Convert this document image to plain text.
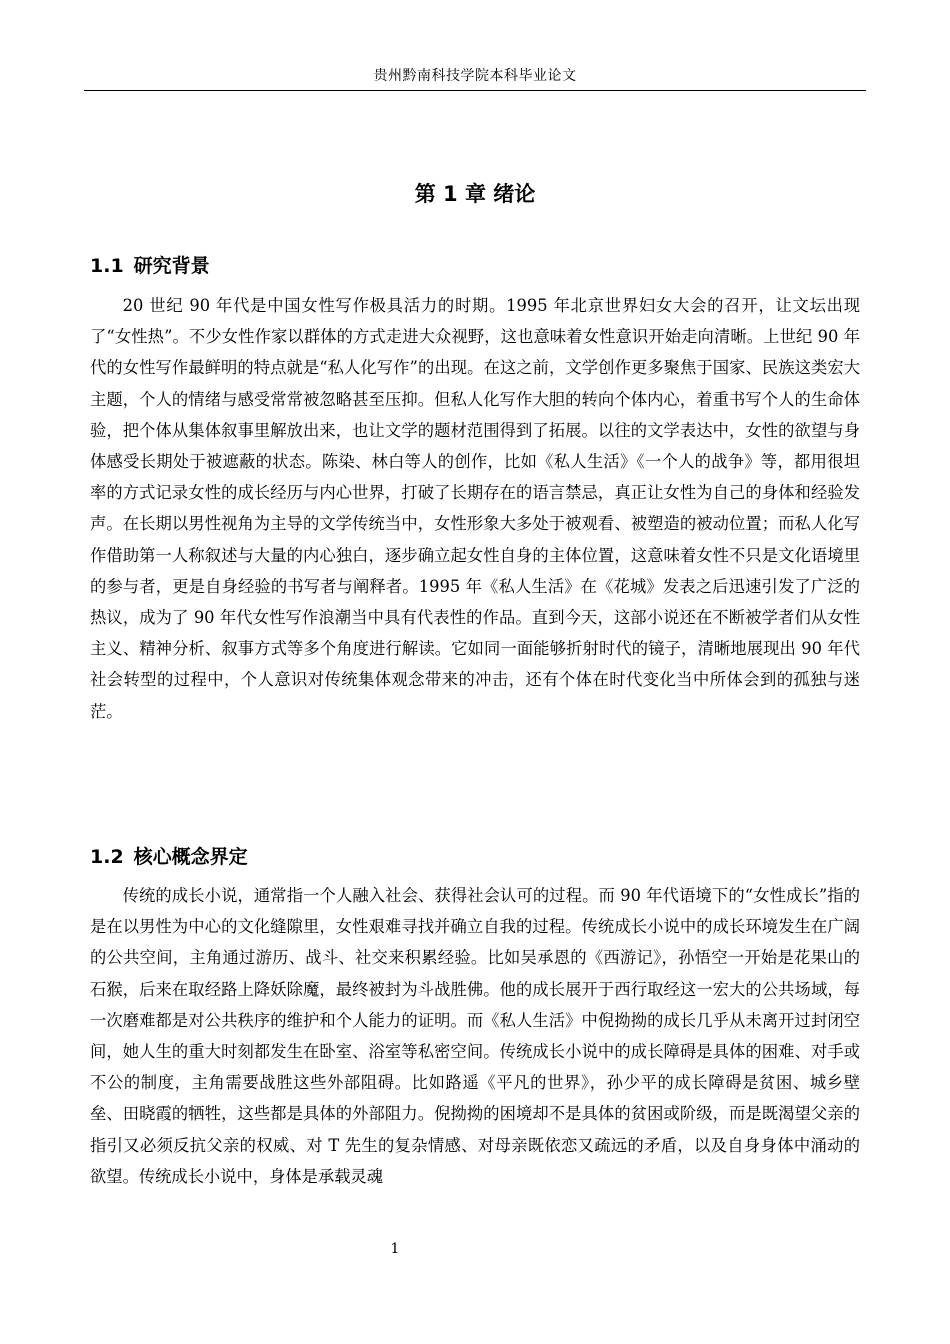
贵州黔南科技学院本科毕业论文
第 1 章 绪论
1.1 研究背景

20 世纪 90 年代是中国女性写作极具活力的时期。1995 年北京世界妇女大会的召开，让文坛出现了“女性热”。不少女性作家以群体的方式走进大众视野，这也意味着女性意识开始走向清晰。上世纪 90 年代的女性写作最鲜明的特点就是“私人化写作”的出现。在这之前，文学创作更多聚焦于国家、民族这类宏大主题，个人的情绪与感受常常被忽略甚至压抑。但私人化写作大胆的转向个体内心，着重书写个人的生命体验，把个体从集体叙事里解放出来，也让文学的题材范围得到了拓展。以往的文学表达中，女性的欲望与身体感受长期处于被遮蔽的状态。陈染、林白等人的创作，比如《私人生活》《一个人的战争》等，都用很坦率的方式记录女性的成长经历与内心世界，打破了长期存在的语言禁忌，真正让女性为自己的身体和经验发声。在长期以男性视角为主导的文学传统当中，女性形象大多处于被观看、被塑造的被动位置；而私人化写作借助第一人称叙述与大量的内心独白，逐步确立起女性自身的主体位置，这意味着女性不只是文化语境里的参与者，更是自身经验的书写者与阐释者。1995 年《私人生活》在《花城》发表之后迅速引发了广泛的热议，成为了 90 年代女性写作浪潮当中具有代表性的作品。直到今天，这部小说还在不断被学者们从女性主义、精神分析、叙事方式等多个角度进行解读。它如同一面能够折射时代的镜子，清晰地展现出 90 年代社会转型的过程中，个人意识对传统集体观念带来的冲击，还有个体在时代变化当中所体会到的孤独与迷茫。

1.2 核心概念界定

传统的成长小说，通常指一个人融入社会、获得社会认可的过程。而 90 年代语境下的“女性成长”指的是在以男性为中心的文化缝隙里，女性艰难寻找并确立自我的过程。传统成长小说中的成长环境发生在广阔的公共空间，主角通过游历、战斗、社交来积累经验。比如吴承恩的《西游记》，孙悟空一开始是花果山的石猴，后来在取经路上降妖除魔，最终被封为斗战胜佛。他的成长展开于西行取经这一宏大的公共场域，每一次磨难都是对公共秩序的维护和个人能力的证明。而《私人生活》中倪拗拗的成长几乎从未离开过封闭空间，她人生的重大时刻都发生在卧室、浴室等私密空间。传统成长小说中的成长障碍是具体的困难、对手或不公的制度，主角需要战胜这些外部阻碍。比如路遥《平凡的世界》，孙少平的成长障碍是贫困、城乡壁垒、田晓霞的牺牲，这些都是具体的外部阻力。倪拗拗的困境却不是具体的贫困或阶级，而是既渴望父亲的指引又必须反抗父亲的权威、对 T 先生的复杂情感、对母亲既依恋又疏远的矛盾，以及自身身体中涌动的欲望。传统成长小说中，身体是承载灵魂

1
